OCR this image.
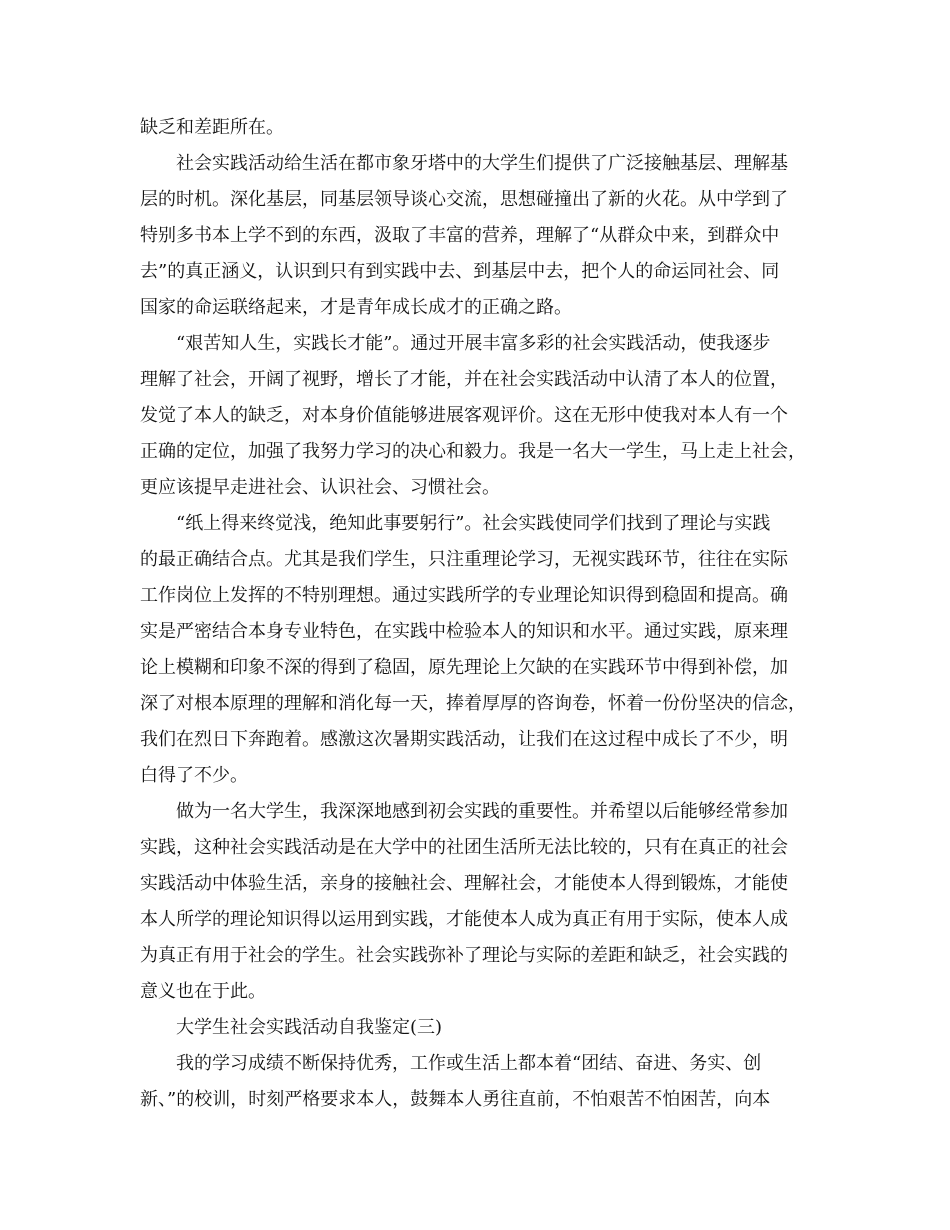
缺乏和差距所在。

社会实践活动给生活在都市象牙塔中的大学生们提供了广泛接触基层、理解基
层的时机。深化基层，同基层领导谈心交流，思想碰撞出了新的火花。从中学到了
特别多书本上学不到的东西，汲取了丰富的营养，理解了“从群众中来，到群众中
去”的真正涵义，认识到只有到实践中去、到基层中去，把个人的命运同社会、同
国家的命运联络起来，才是青年成长成才的正确之路。

“艰苦知人生，实践长才能”。通过开展丰富多彩的社会实践活动，使我逐步
理解了社会，开阔了视野，增长了才能，并在社会实践活动中认清了本人的位置，
发觉了本人的缺乏，对本身价值能够进展客观评价。这在无形中使我对本人有一个
正确的定位，加强了我努力学习的决心和毅力。我是一名大一学生，马上走上社会，
更应该提早走进社会、认识社会、习惯社会。

“纸上得来终觉浅，绝知此事要躬行”。社会实践使同学们找到了理论与实践
的最正确结合点。尤其是我们学生，只注重理论学习，无视实践环节，往往在实际
工作岗位上发挥的不特别理想。通过实践所学的专业理论知识得到稳固和提高。确
实是严密结合本身专业特色，在实践中检验本人的知识和水平。通过实践，原来理
论上模糊和印象不深的得到了稳固，原先理论上欠缺的在实践环节中得到补偿，加
深了对根本原理的理解和消化每一天，捧着厚厚的咨询卷，怀着一份份坚决的信念，
我们在烈日下奔跑着。感激这次暑期实践活动，让我们在这过程中成长了不少，明
白得了不少。

做为一名大学生，我深深地感到初会实践的重要性。并希望以后能够经常参加
实践，这种社会实践活动是在大学中的社团生活所无法比较的，只有在真正的社会
实践活动中体验生活，亲身的接触社会、理解社会，才能使本人得到锻炼，才能使
本人所学的理论知识得以运用到实践，才能使本人成为真正有用于实际，使本人成
为真正有用于社会的学生。社会实践弥补了理论与实际的差距和缺乏，社会实践的
意义也在于此。

大学生社会实践活动自我鉴定(三)

我的学习成绩不断保持优秀，工作或生活上都本着“团结、奋进、务实、创
新、”的校训，时刻严格要求本人，鼓舞本人勇往直前，不怕艰苦不怕困苦，向本
